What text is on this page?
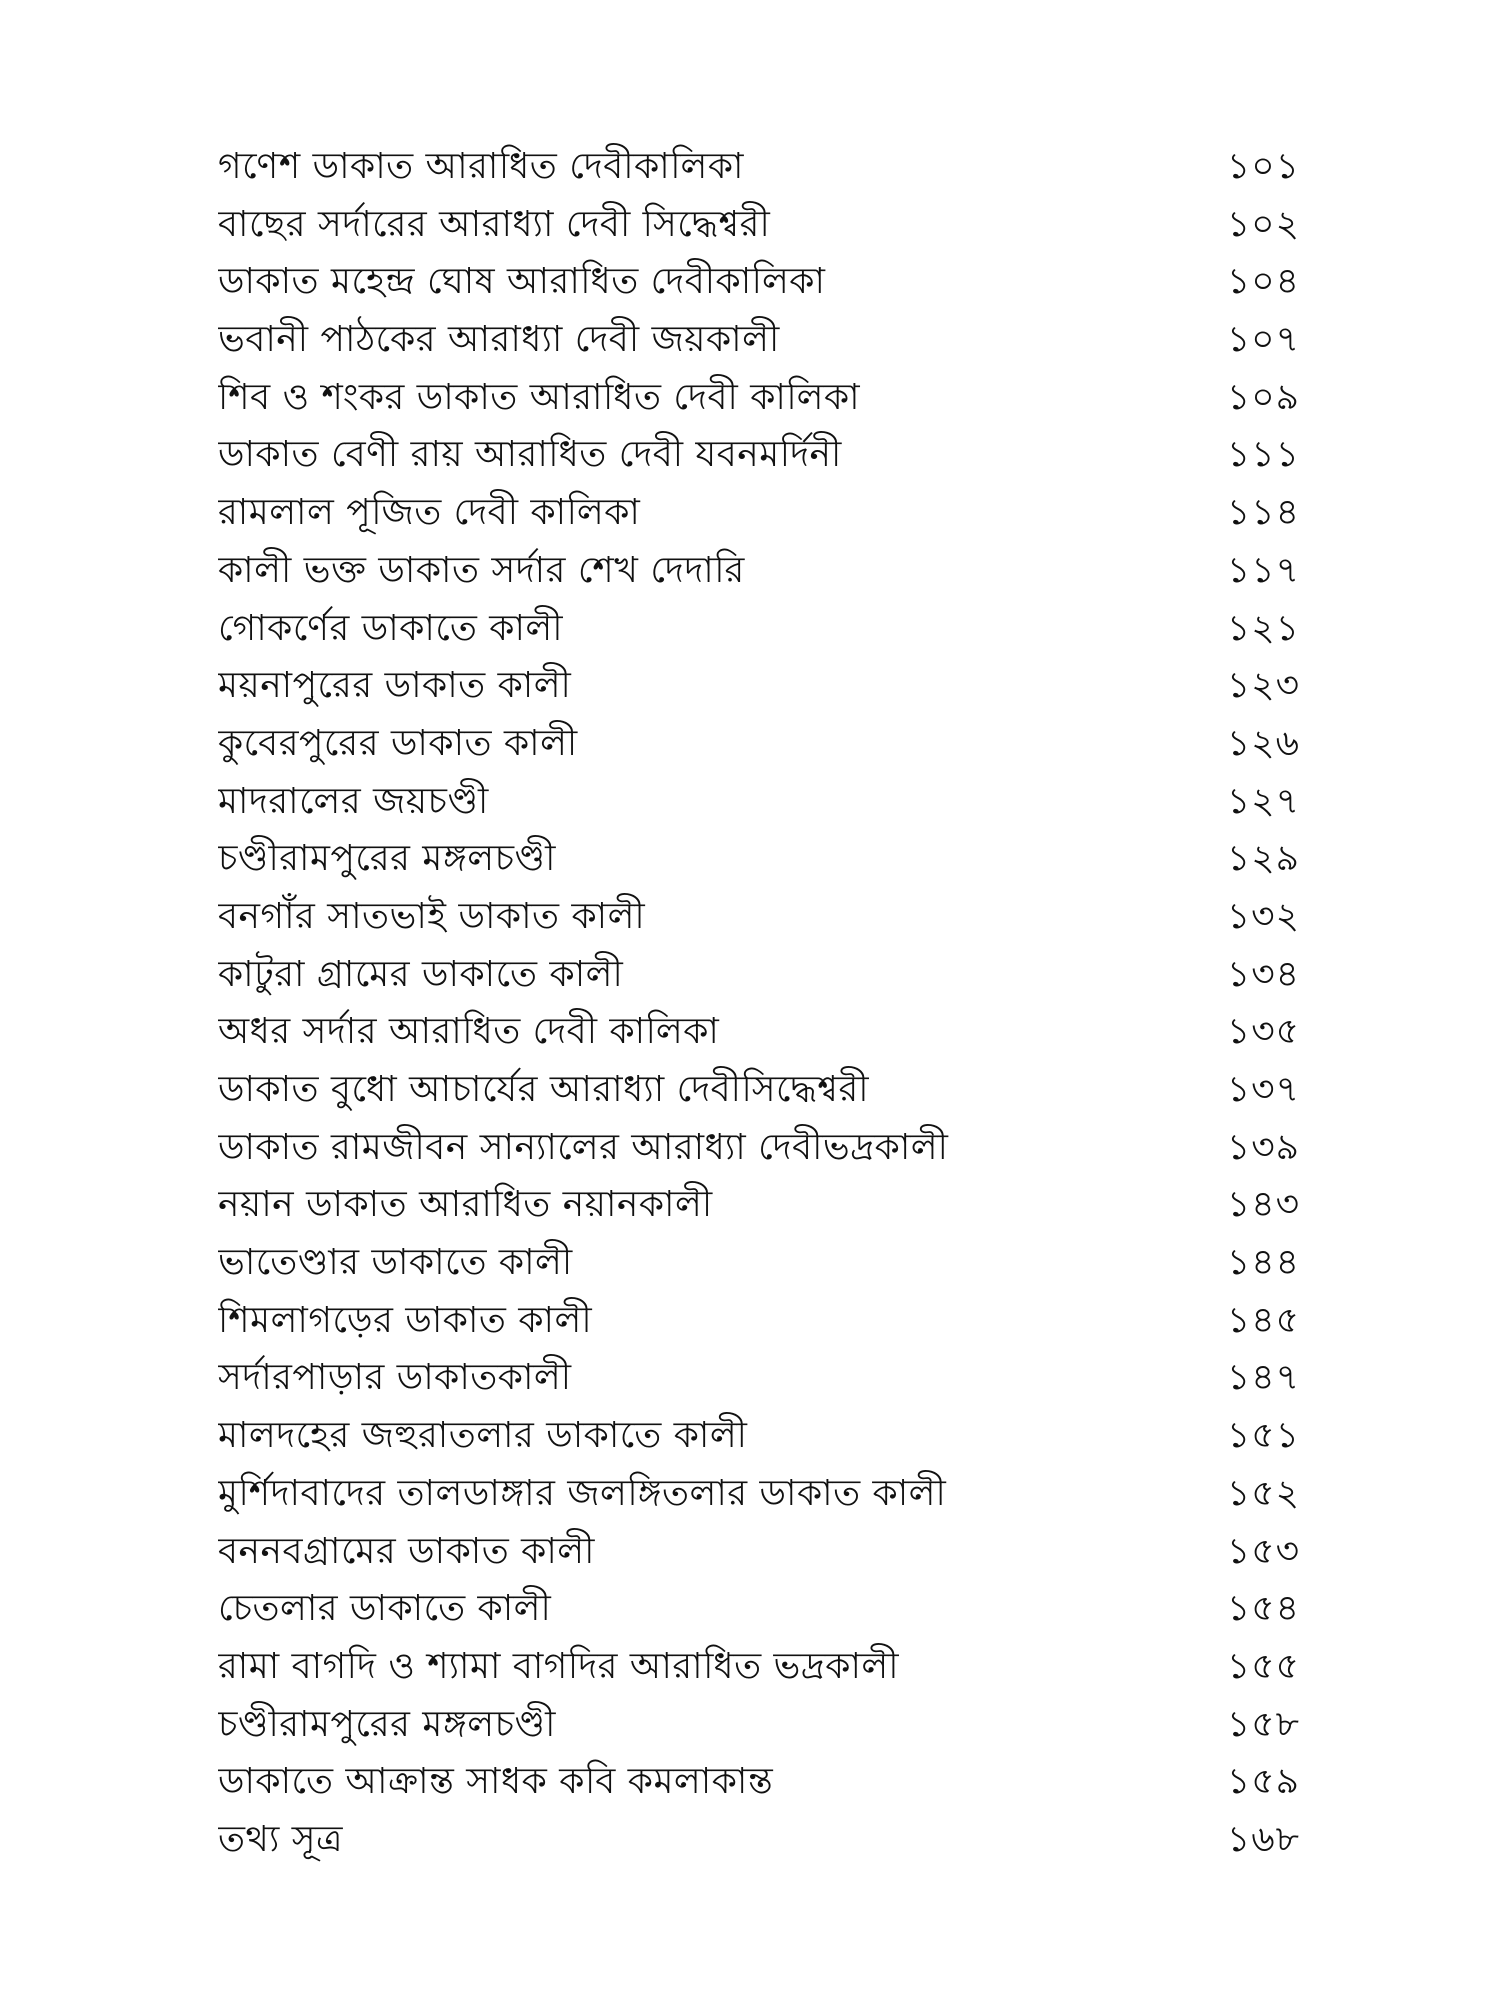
গণেশ ডাকাত আরাধিত দেবীকালিকা	১০১
বাছের সর্দারের আরাধ্যা দেবী সিদ্ধেশ্বরী	১০২
ডাকাত মহেন্দ্র ঘোষ আরাধিত দেবীকালিকা	১০৪
ভবানী পাঠকের আরাধ্যা দেবী জয়কালী	১০৭
শিব ও শংকর ডাকাত আরাধিত দেবী কালিকা	১০৯
ডাকাত বেণী রায় আরাধিত দেবী যবনমর্দিনী	১১১
রামলাল পূজিত দেবী কালিকা	১১৪
কালী ভক্ত ডাকাত সর্দার শেখ দেদারি	১১৭
গোকর্ণের ডাকাতে কালী	১২১
ময়নাপুরের ডাকাত কালী	১২৩
কুবেরপুরের ডাকাত কালী	১২৬
মাদরালের জয়চণ্ডী	১২৭
চণ্ডীরামপুরের মঙ্গলচণ্ডী	১২৯
বনগাঁর সাতভাই ডাকাত কালী	১৩২
কাটুরা গ্রামের ডাকাতে কালী	১৩৪
অধর সর্দার আরাধিত দেবী কালিকা	১৩৫
ডাকাত বুধো আচার্যের আরাধ্যা দেবীসিদ্ধেশ্বরী	১৩৭
ডাকাত রামজীবন সান্যালের আরাধ্যা দেবীভদ্রকালী	১৩৯
নয়ান ডাকাত আরাধিত নয়ানকালী	১৪৩
ভাতেণ্ডার ডাকাতে কালী	১৪৪
শিমলাগড়ের ডাকাত কালী	১৪৫
সর্দারপাড়ার ডাকাতকালী	১৪৭
মালদহের জহুরাতলার ডাকাতে কালী	১৫১
মুর্শিদাবাদের তালডাঙ্গার জলঙ্গিতলার ডাকাত কালী	১৫২
বননবগ্রামের ডাকাত কালী	১৫৩
চেতলার ডাকাতে কালী	১৫৪
রামা বাগদি ও শ্যামা বাগদির আরাধিত ভদ্রকালী	১৫৫
চণ্ডীরামপুরের মঙ্গলচণ্ডী	১৫৮
ডাকাতে আক্রান্ত সাধক কবি কমলাকান্ত	১৫৯
তথ্য সূত্র	১৬৮
